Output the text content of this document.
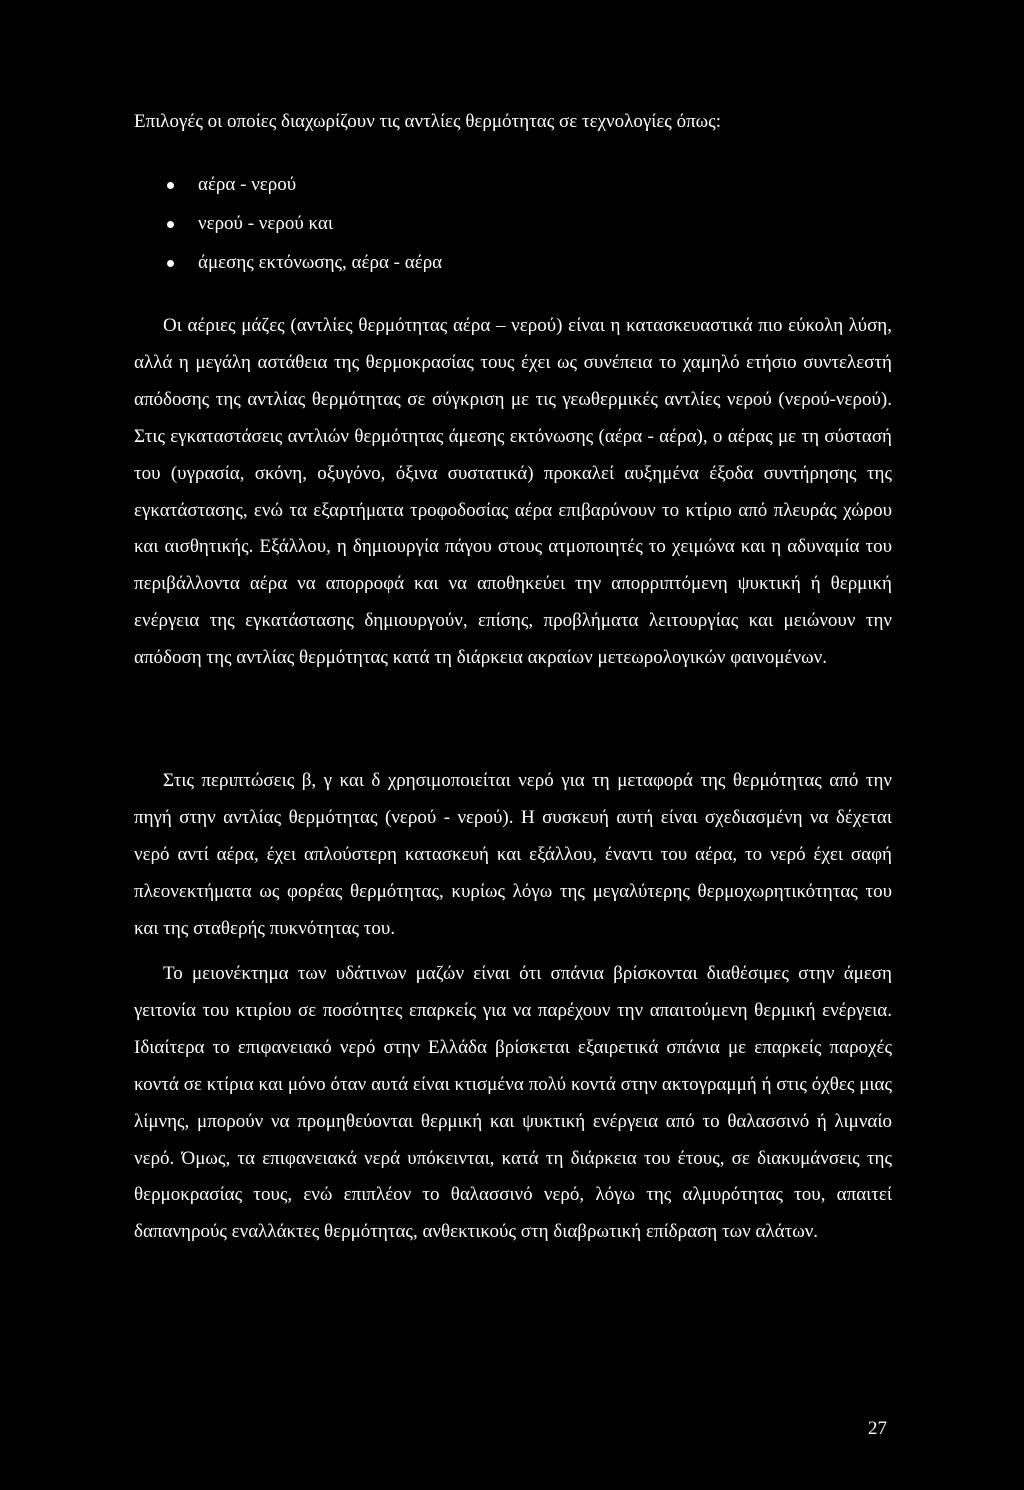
Επιλογές οι οποίες διαχωρίζουν τις αντλίες θερμότητας σε τεχνολογίες όπως:
αέρα - νερού
νερού - νερού και
άμεσης εκτόνωσης, αέρα - αέρα

Οι αέριες μάζες (αντλίες θερμότητας αέρα – νερού) είναι η κατασκευαστικά πιο εύκολη λύση, αλλά η μεγάλη αστάθεια της θερμοκρασίας τους έχει ως συνέπεια το χαμηλό ετήσιο συντελεστή απόδοσης της αντλίας θερμότητας σε σύγκριση με τις γεωθερμικές αντλίες νερού (νερού-νερού). Στις εγκαταστάσεις αντλιών θερμότητας άμεσης εκτόνωσης (αέρα - αέρα), ο αέρας με τη σύστασή του (υγρασία, σκόνη, οξυγόνο, όξινα συστατικά) προκαλεί αυξημένα έξοδα συντήρησης της εγκατάστασης, ενώ τα εξαρτήματα τροφοδοσίας αέρα επιβαρύνουν το κτίριο από πλευράς χώρου και αισθητικής. Εξάλλου, η δημιουργία πάγου στους ατμοποιητές το χειμώνα και η αδυναμία του περιβάλλοντα αέρα να απορροφά και να αποθηκεύει την απορριπτόμενη ψυκτική ή θερμική ενέργεια της εγκατάστασης δημιουργούν, επίσης, προβλήματα λειτουργίας και μειώνουν την απόδοση της αντλίας θερμότητας κατά τη διάρκεια ακραίων μετεωρολογικών φαινομένων.

Στις περιπτώσεις β, γ και δ χρησιμοποιείται νερό για τη μεταφορά της θερμότητας από την πηγή στην αντλίας θερμότητας (νερού - νερού). Η συσκευή αυτή είναι σχεδιασμένη να δέχεται νερό αντί αέρα, έχει απλούστερη κατασκευή και εξάλλου, έναντι του αέρα, το νερό έχει σαφή πλεονεκτήματα ως φορέας θερμότητας, κυρίως λόγω της μεγαλύτερης θερμοχωρητικότητας του και της σταθερής πυκνότητας του.

Το μειονέκτημα των υδάτινων μαζών είναι ότι σπάνια βρίσκονται διαθέσιμες στην άμεση γειτονία του κτιρίου σε ποσότητες επαρκείς για να παρέχουν την απαιτούμενη θερμική ενέργεια. Ιδιαίτερα το επιφανειακό νερό στην Ελλάδα βρίσκεται εξαιρετικά σπάνια με επαρκείς παροχές κοντά σε κτίρια και μόνο όταν αυτά είναι κτισμένα πολύ κοντά στην ακτογραμμή ή στις όχθες μιας λίμνης, μπορούν να προμηθεύονται θερμική και ψυκτική ενέργεια από το θαλασσινό ή λιμναίο νερό. Όμως, τα επιφανειακά νερά υπόκεινται, κατά τη διάρκεια του έτους, σε διακυμάνσεις της θερμοκρασίας τους, ενώ επιπλέον το θαλασσινό νερό, λόγω της αλμυρότητας του, απαιτεί δαπανηρούς εναλλάκτες θερμότητας, ανθεκτικούς στη διαβρωτική επίδραση των αλάτων.

27
